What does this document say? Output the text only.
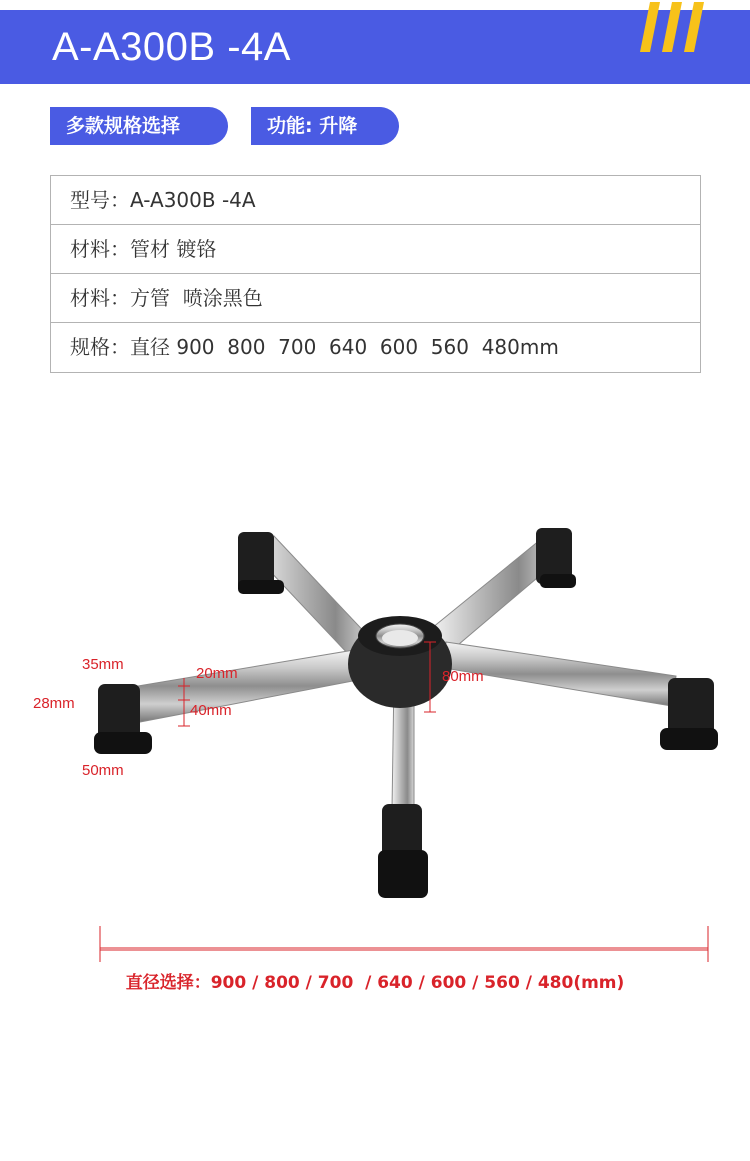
A-A300B -4A
多款规格选择	功能: 升降
型号：A-A300B -4A
材料：管材 镀铬
材料：方管  喷涂黑色
规格：直径 900  800  700  640  600  560  480mm
35mm
28mm
50mm
20mm
40mm
80mm
直径选择：900 / 800 / 700  / 640 / 600 / 560 / 480(mm)
